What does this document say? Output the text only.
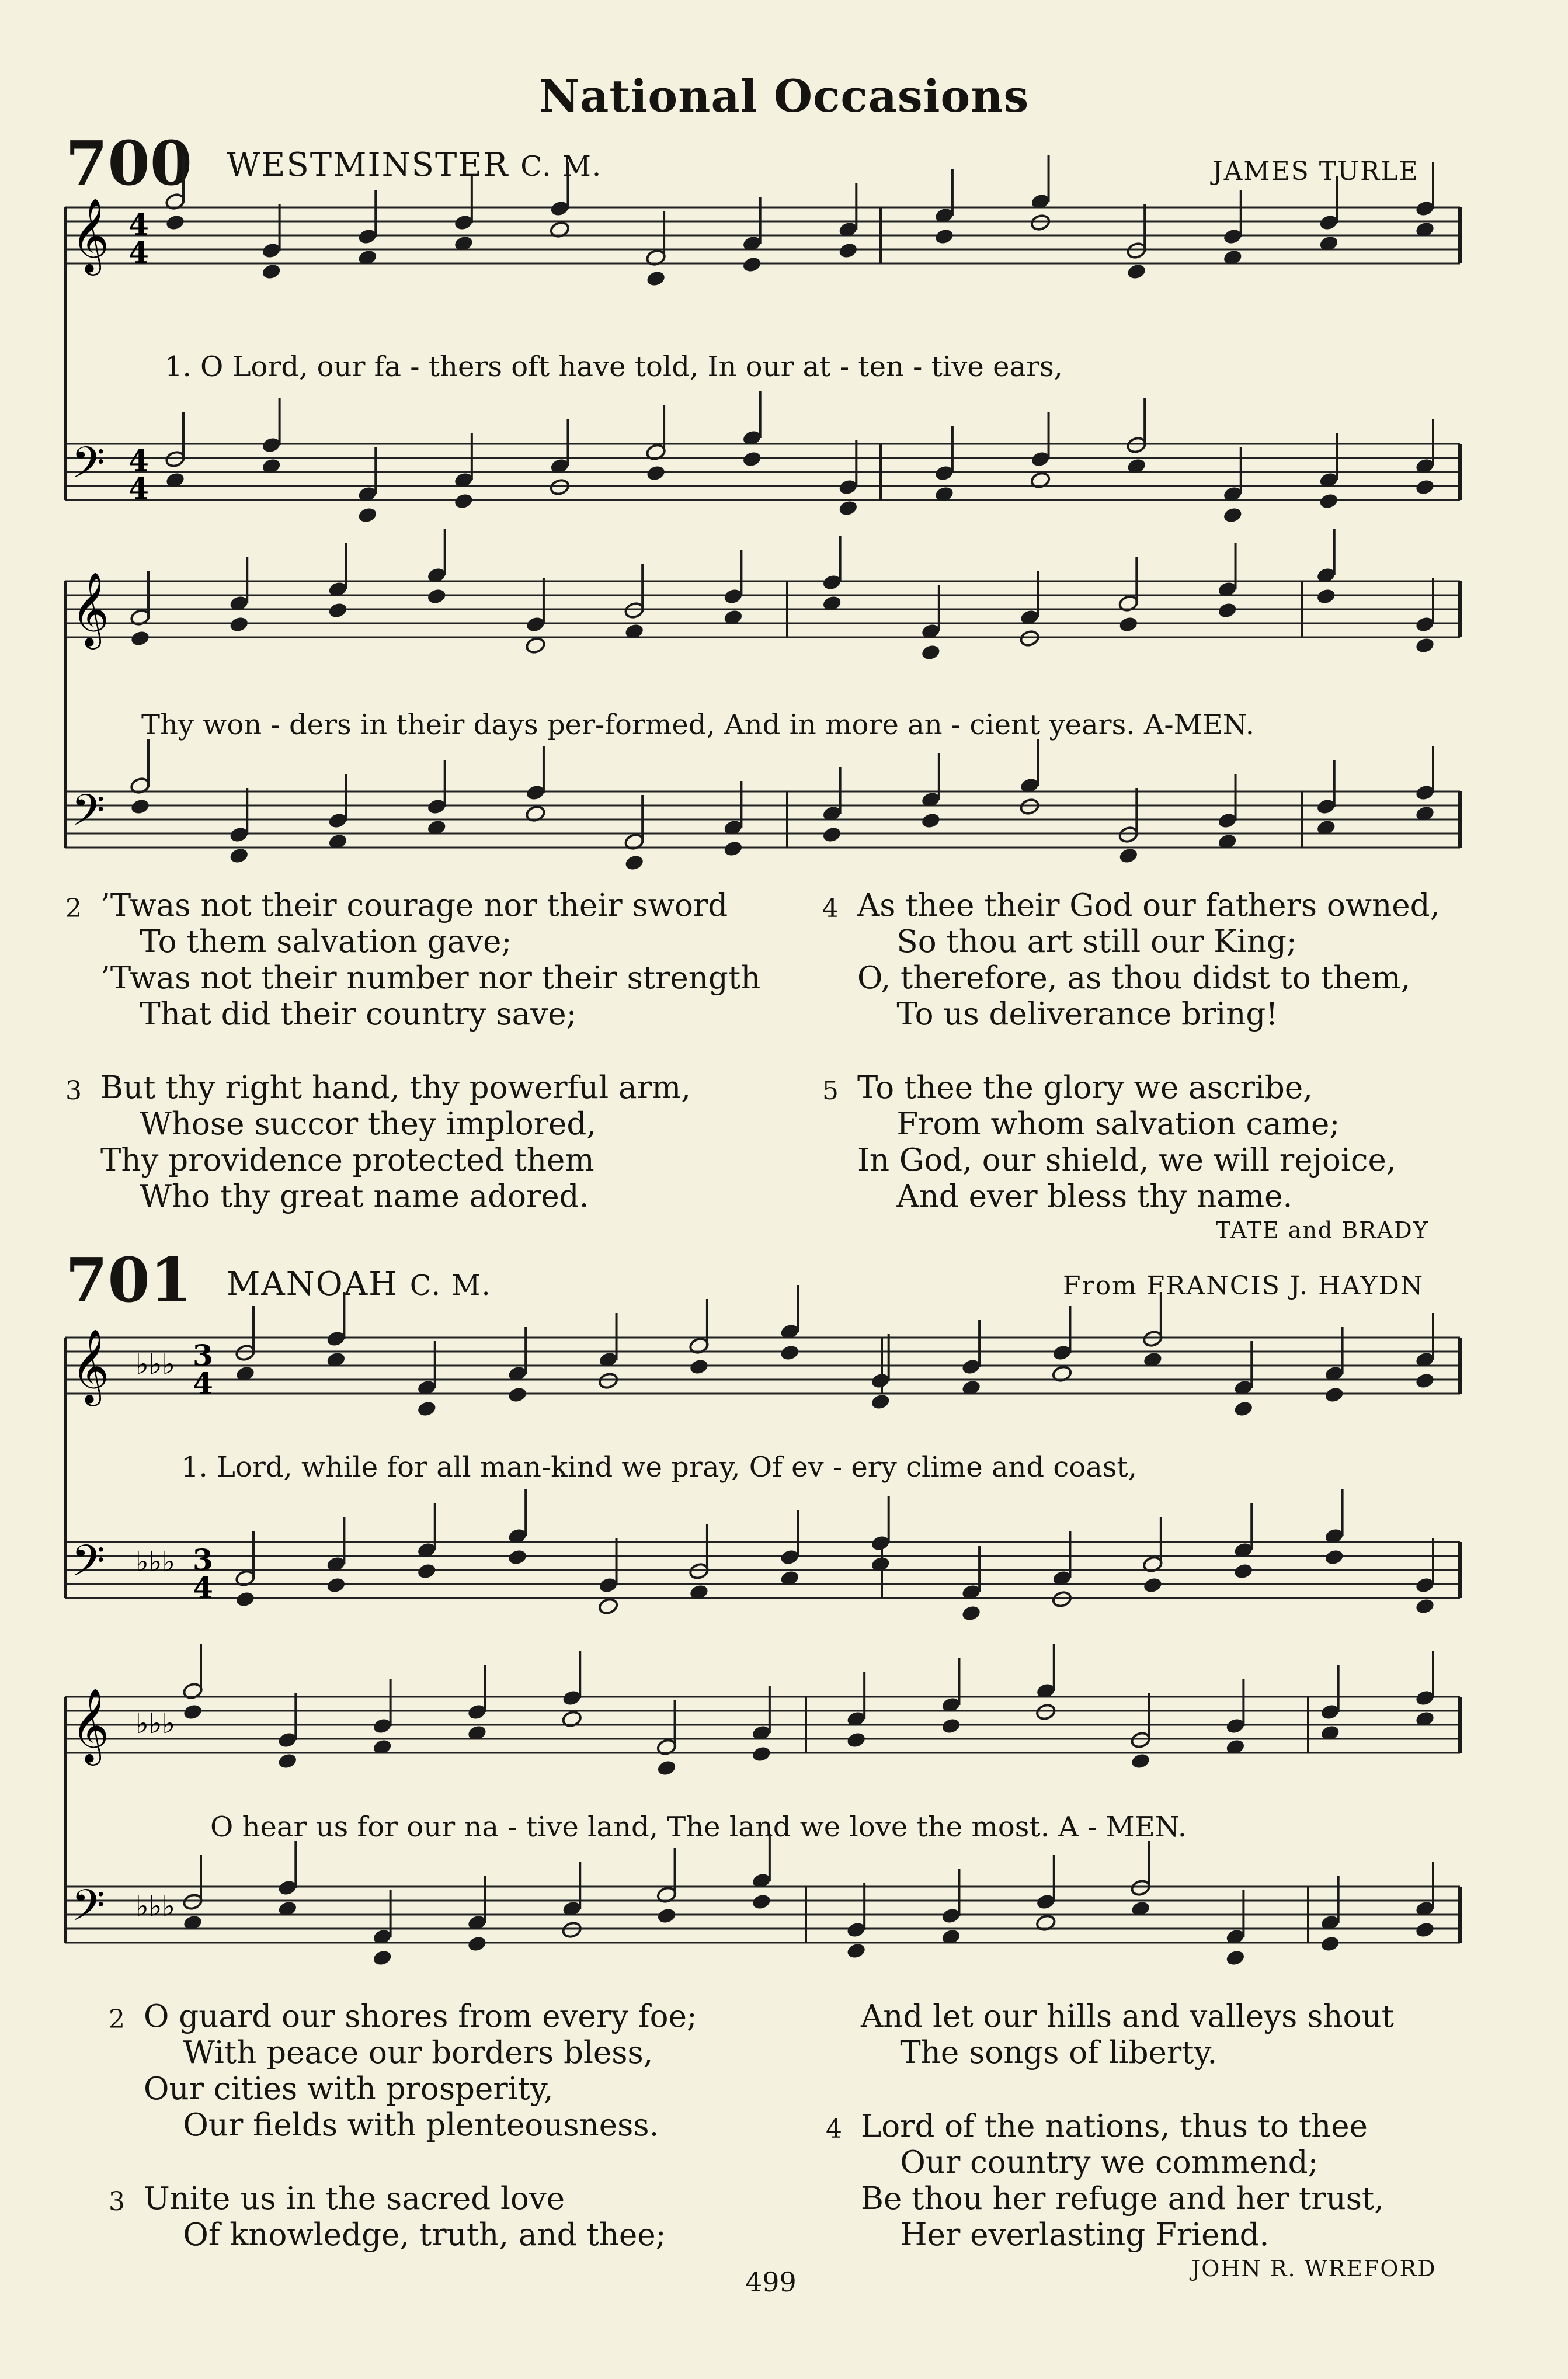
National Occasions
700 WESTMINSTER C. M.	JAMES TURLE
𝄞
𝄢
4
4
4
4
𝄞
𝄢
𝄞
𝄢
♭♭♭
♭♭♭
3
4
3
4
𝄞
𝄢
♭♭♭
♭♭♭
1. O Lord, our fa - thers oft have told, In our at - ten - tive ears,
Thy won - ders in their days per-formed, And in more an - cient years. A-MEN.
2 ’Twas not their courage nor their sword
To them salvation gave;
’Twas not their number nor their strength
That did their country save;
3 But thy right hand, thy powerful arm,
Whose succor they implored,
Thy providence protected them
Who thy great name adored.
4 As thee their God our fathers owned,
So thou art still our King;
O, therefore, as thou didst to them,
To us deliverance bring!
5 To thee the glory we ascribe,
From whom salvation came;
In God, our shield, we will rejoice,
And ever bless thy name.
TATE and BRADY
701 MANOAH C. M.	From FRANCIS J. HAYDN
1. Lord, while for all man-kind we pray, Of ev - ery clime and coast,
O hear us for our na - tive land, The land we love the most. A - MEN.
2 O guard our shores from every foe;
With peace our borders bless,
Our cities with prosperity,
Our fields with plenteousness.
3 Unite us in the sacred love
Of knowledge, truth, and thee;
And let our hills and valleys shout
The songs of liberty.
4 Lord of the nations, thus to thee
Our country we commend;
Be thou her refuge and her trust,
Her everlasting Friend.
JOHN R. WREFORD
499
